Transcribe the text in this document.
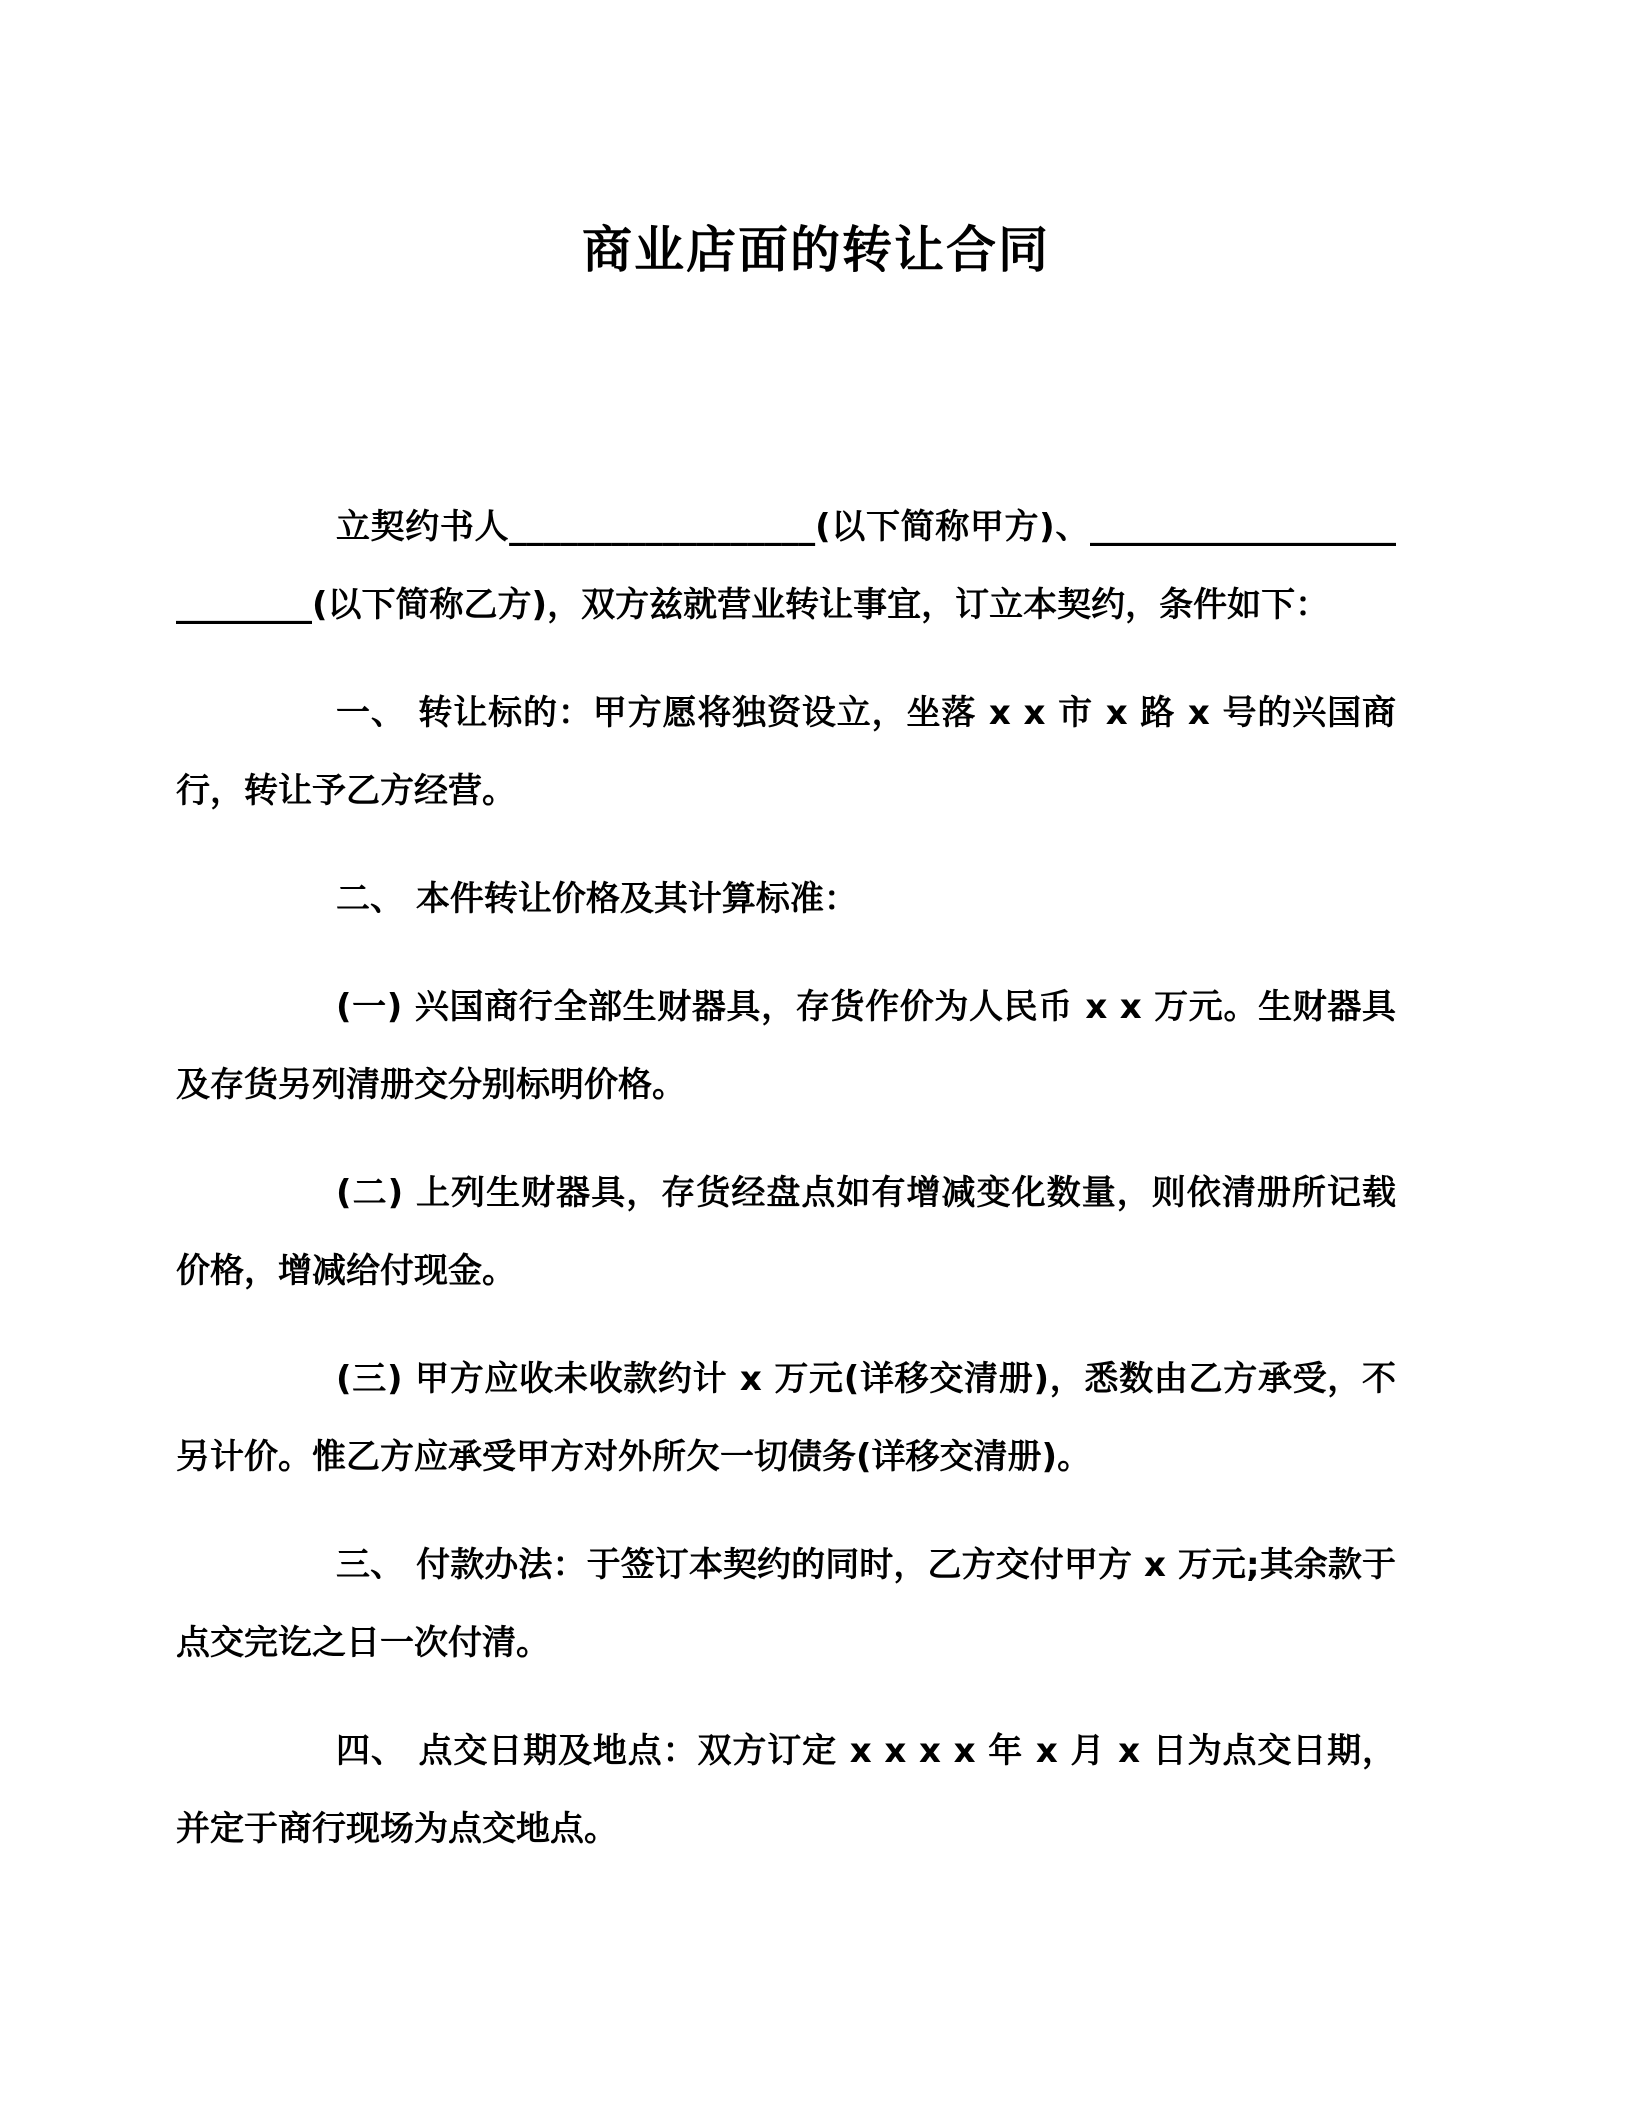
商业店面的转让合同

立契约书人__________________(以下简称甲方)、__________________________(以下简称乙方)，双方兹就营业转让事宜，订立本契约，条件如下：

一、 转让标的：甲方愿将独资设立，坐落 x x 市 x 路 x 号的兴国商行，转让予乙方经营。

二、 本件转让价格及其计算标准：

(一) 兴国商行全部生财器具，存货作价为人民币 x x 万元。生财器具及存货另列清册交分别标明价格。

(二) 上列生财器具，存货经盘点如有增减变化数量，则依清册所记载价格，增减给付现金。

(三) 甲方应收未收款约计 x 万元(详移交清册)，悉数由乙方承受，不另计价。惟乙方应承受甲方对外所欠一切债务(详移交清册)。

三、 付款办法：于签订本契约的同时，乙方交付甲方 x 万元;其余款于点交完讫之日一次付清。

四、 点交日期及地点：双方订定 x x x x 年 x 月 x 日为点交日期，并定于商行现场为点交地点。
